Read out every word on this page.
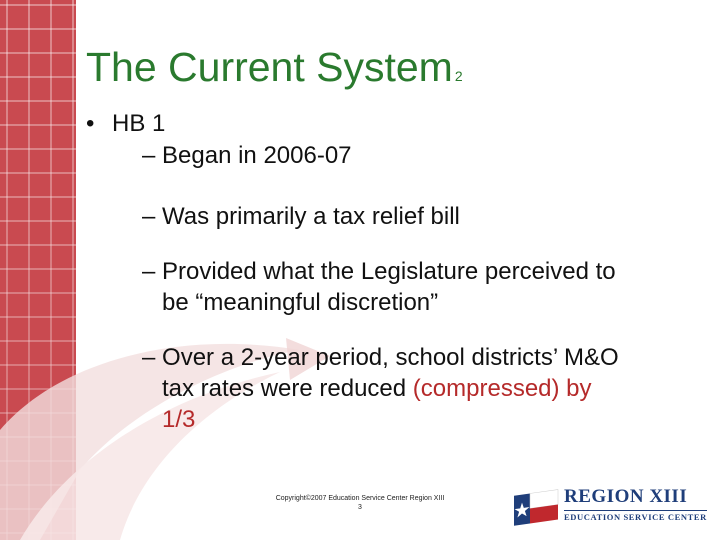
The Current System 2
• HB 1
– Began in 2006-07
– Was primarily a tax relief bill
– Provided what the Legislature perceived to
be “meaningful discretion”
– Over a 2-year period, school districts’ M&O
tax rates were reduced (compressed) by
1/3
Copyright©2007 Education Service Center Region XIII
3
REGION XIII
EDUCATION SERVICE CENTER
